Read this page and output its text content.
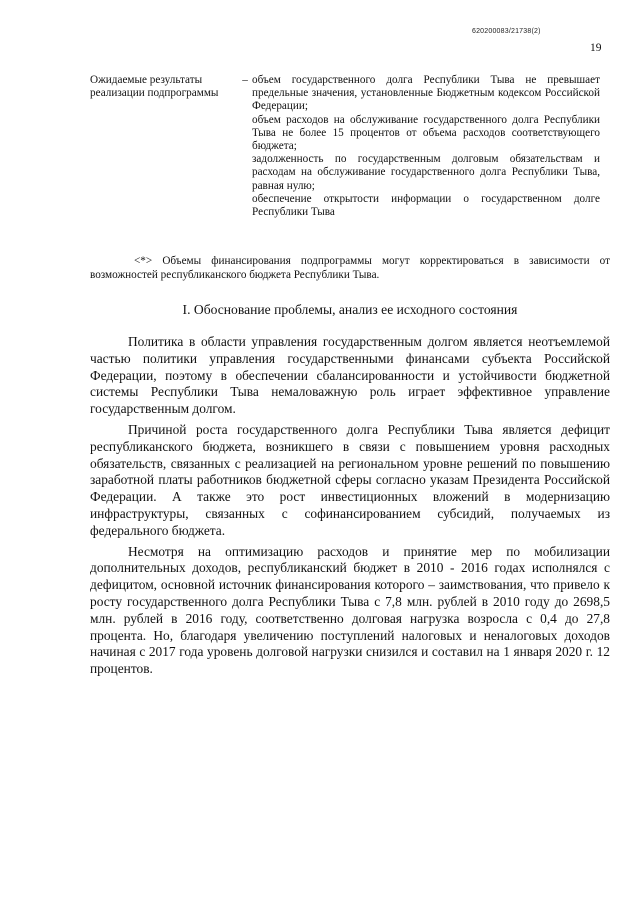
620200083/21738(2)
19
Ожидаемые результаты реализации подпрограммы
– объем государственного долга Республики Тыва не превышает предельные значения, установленные Бюджетным кодексом Российской Федерации;
объем расходов на обслуживание государственного долга Республики Тыва не более 15 процентов от объема расходов соответствующего бюджета;
задолженность по государственным долговым обязательствам и расходам на обслуживание государственного долга Республики Тыва, равная нулю;
обеспечение открытости информации о государственном долге Республики Тыва
<*> Объемы финансирования подпрограммы могут корректироваться в зависимости от возможностей республиканского бюджета Республики Тыва.
I. Обоснование проблемы, анализ ее исходного состояния

Политика в области управления государственным долгом является неотъемлемой частью политики управления государственными финансами субъекта Российской Федерации, поэтому в обеспечении сбалансированности и устойчивости бюджетной системы Республики Тыва немаловажную роль играет эффективное управление государственным долгом.

Причиной роста государственного долга Республики Тыва является дефицит республиканского бюджета, возникшего в связи с повышением уровня расходных обязательств, связанных с реализацией на региональном уровне решений по повышению заработной платы работников бюджетной сферы согласно указам Президента Российской Федерации. А также это рост инвестиционных вложений в модернизацию инфраструктуры, связанных с софинансированием субсидий, получаемых из федерального бюджета.

Несмотря на оптимизацию расходов и принятие мер по мобилизации дополнительных доходов, республиканский бюджет в 2010 - 2016 годах исполнялся с дефицитом, основной источник финансирования которого – заимствования, что привело к росту государственного долга Республики Тыва с 7,8 млн. рублей в 2010 году до 2698,5 млн. рублей в 2016 году, соответственно долговая нагрузка возросла с 0,4 до 27,8 процента. Но, благодаря увеличению поступлений налоговых и неналоговых доходов начиная с 2017 года уровень долговой нагрузки снизился и составил на 1 января 2020 г. 12 процентов.
